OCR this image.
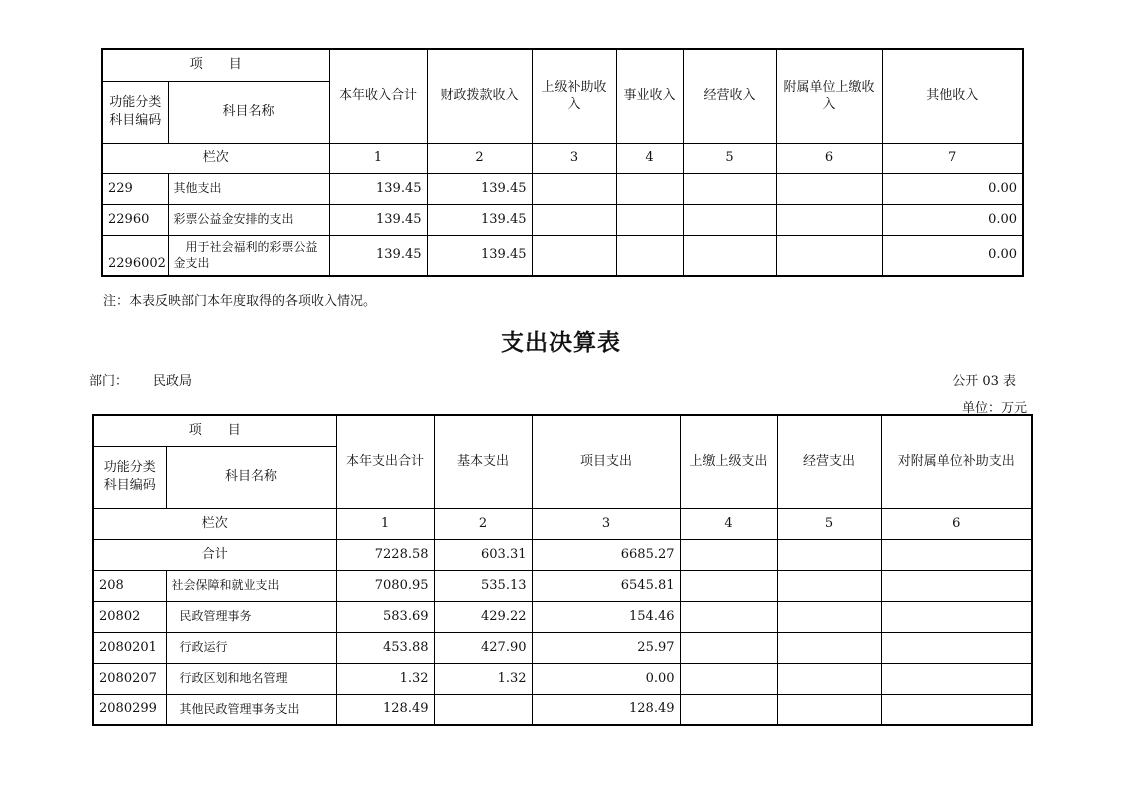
项　　目		本年收入合计	财政拨款收入	上级补助收入	事业收入	经营收入	附属单位上缴收入	其他收入
功能分类科目编码	科目名称							
栏次		1	2	3	4	5	6	7
229	其他支出	139.45	139.45					0.00
22960	彩票公益金安排的支出	139.45	139.45					0.00
2296002	用于社会福利的彩票公益金支出	139.45	139.45					0.00
注：本表反映部门本年度取得的各项收入情况。
支出决算表
部门： 民政局	公开 03 表
单位：万元
项　　目		本年支出合计	基本支出	项目支出	上缴上级支出	经营支出	对附属单位补助支出
功能分类科目编码	科目名称						
栏次		1	2	3	4	5	6
合计		7228.58	603.31	6685.27			
208	社会保障和就业支出	7080.95	535.13	6545.81			
20802	民政管理事务	583.69	429.22	154.46			
2080201	行政运行	453.88	427.90	25.97			
2080207	行政区划和地名管理	1.32	1.32	0.00			
2080299	其他民政管理事务支出	128.49		128.49			
